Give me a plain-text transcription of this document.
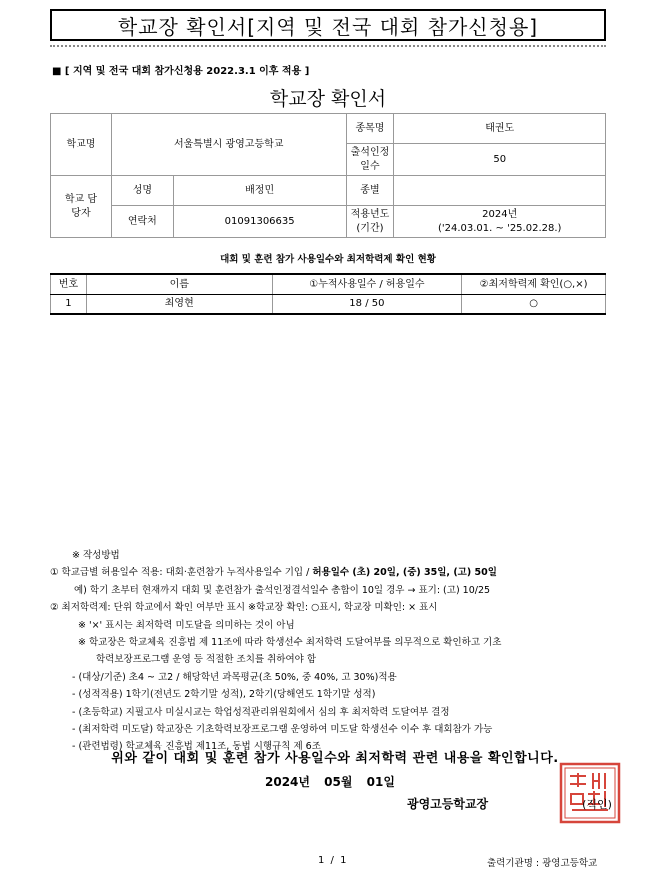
학교장 확인서[지역 및 전국 대회 참가신청용]
■ [ 지역 및 전국 대회 참가신청용 2022.3.1 이후 적용 ]
학교장 확인서
학교명	서울특별시 광영고등학교		종목명	태권도
			출석인정 일수	50
학교 담당자	성명	배정민	종별	
	연락처	01091306635	적용년도 (기간)	2024년
('24.03.01. ~ '25.02.28.)
대회 및 훈련 참가 사용일수와 최저학력제 확인 현황
번호	이름	①누적사용일수 / 허용일수	②최저학력제 확인(○,×)
1	최영현	18 / 50	○
※ 작성방법
① 학교급별 허용일수 적용: 대회·훈련참가 누적사용일수 기입 / 허용일수 (초) 20일, (중) 35일, (고) 50일
예) 학기 초부터 현재까지 대회 및 훈련참가 출석인정결석일수 총합이 10일 경우 → 표기: (고) 10/25
② 최저학력제: 단위 학교에서 확인 여부만 표시 ※학교장 확인: ○표시, 학교장 미확인: × 표시
※ '×' 표시는 최저학력 미도달을 의미하는 것이 아님
※ 학교장은 학교체육 진흥법 제 11조에 따라 학생선수 최저학력 도달여부를 의무적으로 확인하고 기초
학력보장프로그램 운영 등 적절한 조치를 취하여야 함
- (대상/기준) 초4 ~ 고2 / 해당학년 과목평균(초 50%, 중 40%, 고 30%)적용
- (성적적용) 1학기(전년도 2학기말 성적), 2학기(당해연도 1학기말 성적)
- (초등학교) 지필고사 미실시교는 학업성적관리위원회에서 심의 후 최저학력 도달여부 결정
- (최저학력 미도달) 학교장은 기초학력보장프로그램 운영하여 미도달 학생선수 이수 후 대회참가 가능
- (관련법령) 학교체육 진흥법 제11조, 동법 시행규칙 제 6조
위와 같이 대회 및 훈련 참가 사용일수와 최저학력 관련 내용을 확인합니다.
2024년 05월 01일
광영고등학교장	(직인)
1 / 1	출력기관명 : 광영고등학교
